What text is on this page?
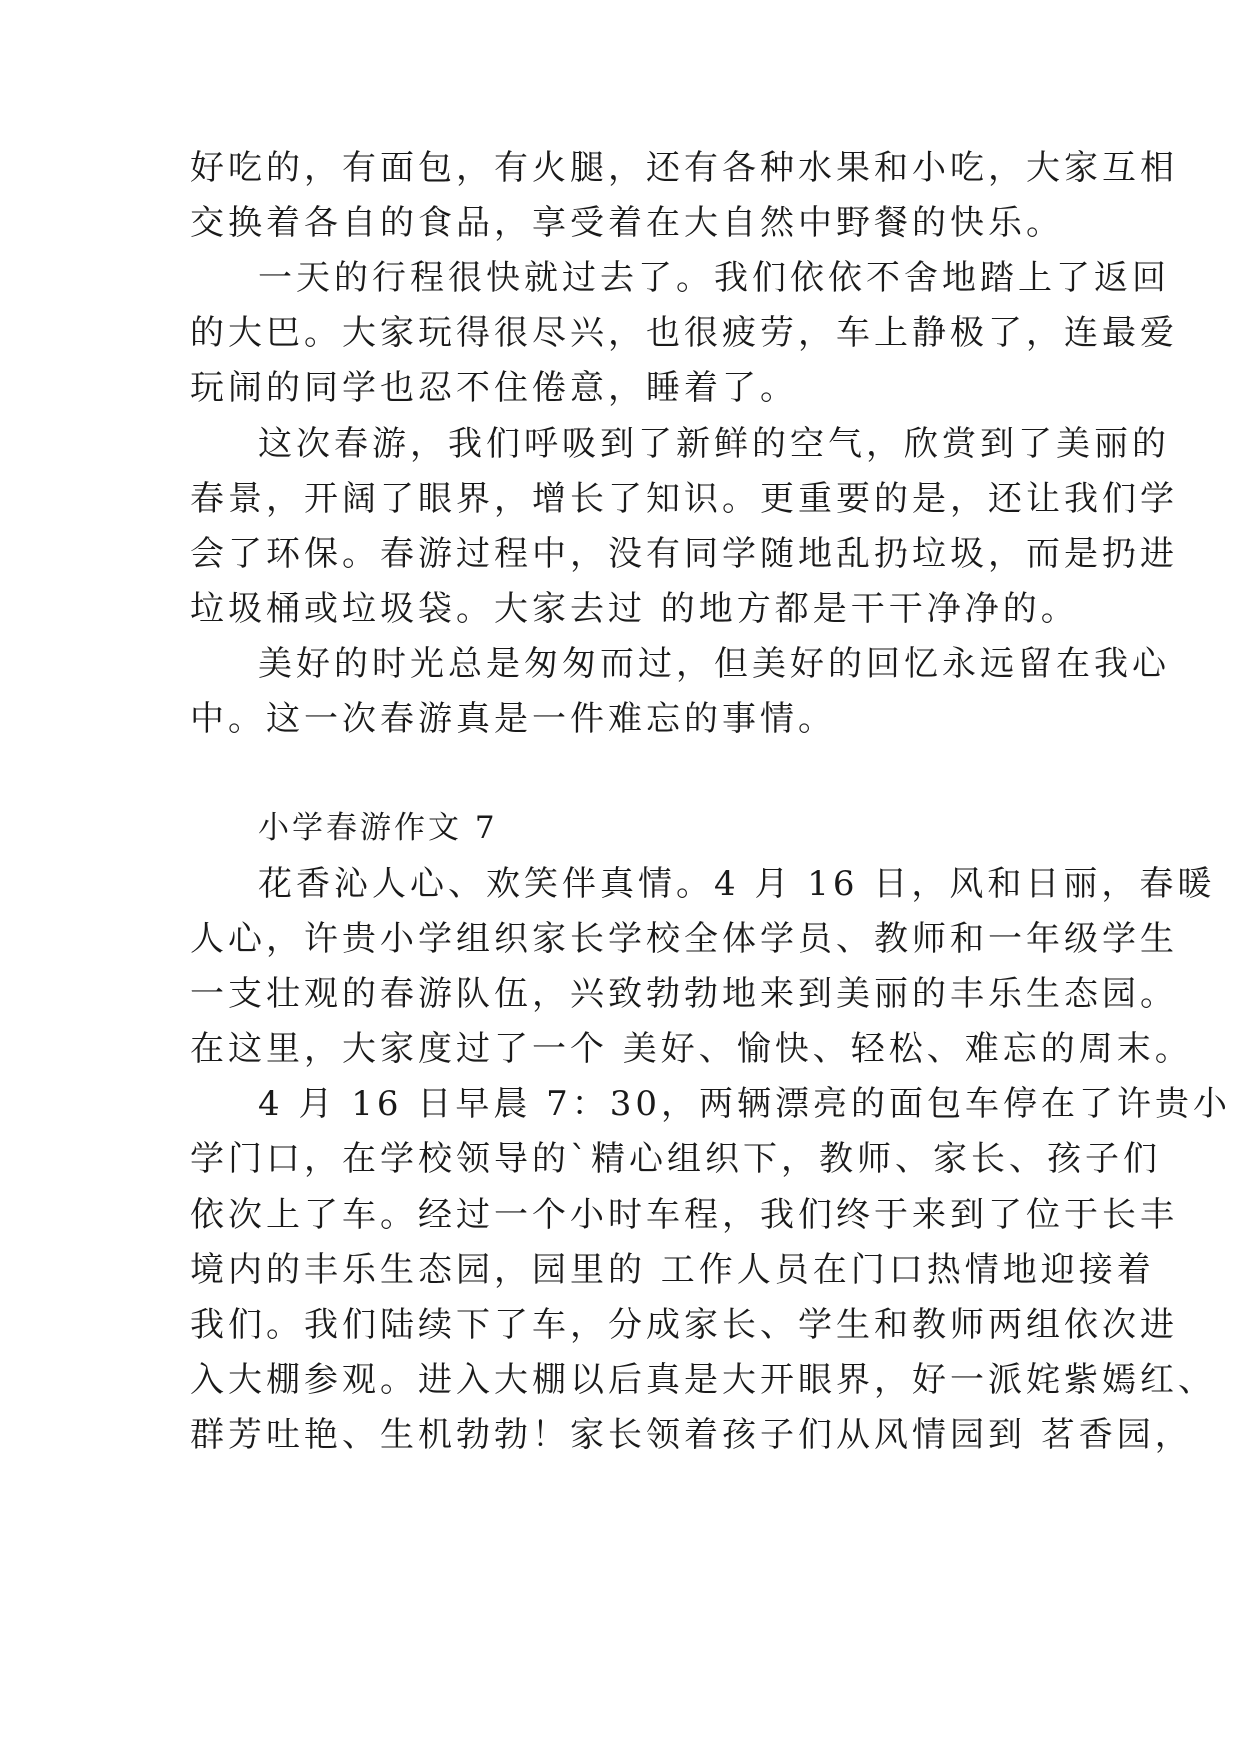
好吃的，有面包，有火腿，还有各种水果和小吃，大家互相
交换着各自的食品，享受着在大自然中野餐的快乐。
一天的行程很快就过去了。我们依依不舍地踏上了返回
的大巴。大家玩得很尽兴，也很疲劳，车上静极了，连最爱
玩闹的同学也忍不住倦意，睡着了。
这次春游，我们呼吸到了新鲜的空气，欣赏到了美丽的
春景，开阔了眼界，增长了知识。更重要的是，还让我们学
会了环保。春游过程中，没有同学随地乱扔垃圾，而是扔进
垃圾桶或垃圾袋。大家去过 的地方都是干干净净的。
美好的时光总是匆匆而过，但美好的回忆永远留在我心
中。这一次春游真是一件难忘的事情。
小学春游作文 7
花香沁人心、欢笑伴真情。4 月 16 日，风和日丽，春暖
人心，许贵小学组织家长学校全体学员、教师和一年级学生
一支壮观的春游队伍，兴致勃勃地来到美丽的丰乐生态园。
在这里，大家度过了一个 美好、愉快、轻松、难忘的周末。
4 月 16 日早晨 7：30，两辆漂亮的面包车停在了许贵小
学门口，在学校领导的`精心组织下，教师、家长、孩子们
依次上了车。经过一个小时车程，我们终于来到了位于长丰
境内的丰乐生态园，园里的 工作人员在门口热情地迎接着
我们。我们陆续下了车，分成家长、学生和教师两组依次进
入大棚参观。进入大棚以后真是大开眼界，好一派姹紫嫣红、
群芳吐艳、生机勃勃！家长领着孩子们从风情园到 茗香园，
